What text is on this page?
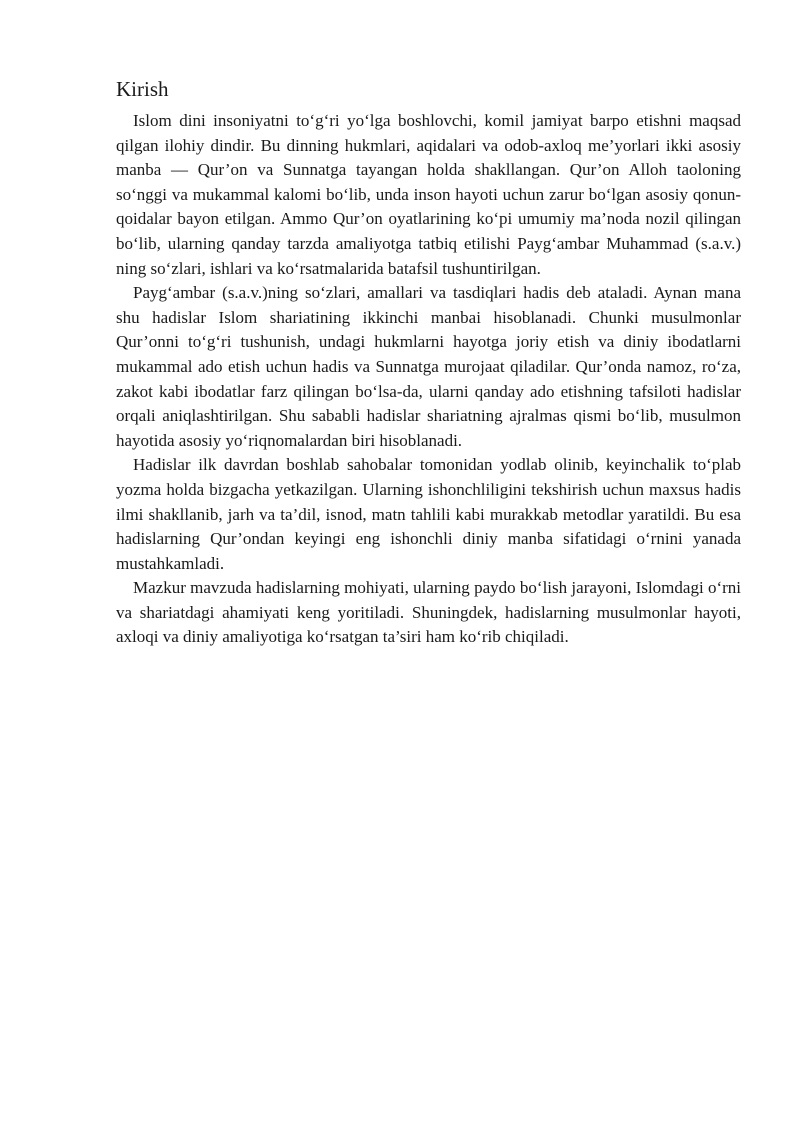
Kirish

Islom dini insoniyatni to‘g‘ri yo‘lga boshlovchi, komil jamiyat barpo etishni maqsad qilgan ilohiy dindir. Bu dinning hukmlari, aqidalari va odob-axloq me’yorlari ikki asosiy manba — Qur’on va Sunnatga tayangan holda shakllangan. Qur’on Alloh taoloning so‘nggi va mukammal kalomi bo‘lib, unda inson hayoti uchun zarur bo‘lgan asosiy qonun-qoidalar bayon etilgan. Ammo Qur’on oyatlarining ko‘pi umumiy ma’noda nozil qilingan bo‘lib, ularning qanday tarzda amaliyotga tatbiq etilishi Payg‘ambar Muhammad (s.a.v.) ning so‘zlari, ishlari va ko‘rsatmalarida batafsil tushuntirilgan.

Payg‘ambar (s.a.v.)ning so‘zlari, amallari va tasdiqlari hadis deb ataladi. Aynan mana shu hadislar Islom shariatining ikkinchi manbai hisoblanadi. Chunki musulmonlar Qur’onni to‘g‘ri tushunish, undagi hukmlarni hayotga joriy etish va diniy ibodatlarni mukammal ado etish uchun hadis va Sunnatga murojaat qiladilar. Qur’onda namoz, ro‘za, zakot kabi ibodatlar farz qilingan bo‘lsa-da, ularni qanday ado etishning tafsiloti hadislar orqali aniqlashtirilgan. Shu sababli hadislar shariatning ajralmas qismi bo‘lib, musulmon hayotida asosiy yo‘riqnomalardan biri hisoblanadi.

Hadislar ilk davrdan boshlab sahobalar tomonidan yodlab olinib, keyinchalik to‘plab yozma holda bizgacha yetkazilgan. Ularning ishonchliligini tekshirish uchun maxsus hadis ilmi shakllanib, jarh va ta’dil, isnod, matn tahlili kabi murakkab metodlar yaratildi. Bu esa hadislarning Qur’ondan keyingi eng ishonchli diniy manba sifatidagi o‘rnini yanada mustahkamladi.

Mazkur mavzuda hadislarning mohiyati, ularning paydo bo‘lish jarayoni, Islomdagi o‘rni va shariatdagi ahamiyati keng yoritiladi. Shuningdek, hadislarning musulmonlar hayoti, axloqi va diniy amaliyotiga ko‘rsatgan ta’siri ham ko‘rib chiqiladi.
